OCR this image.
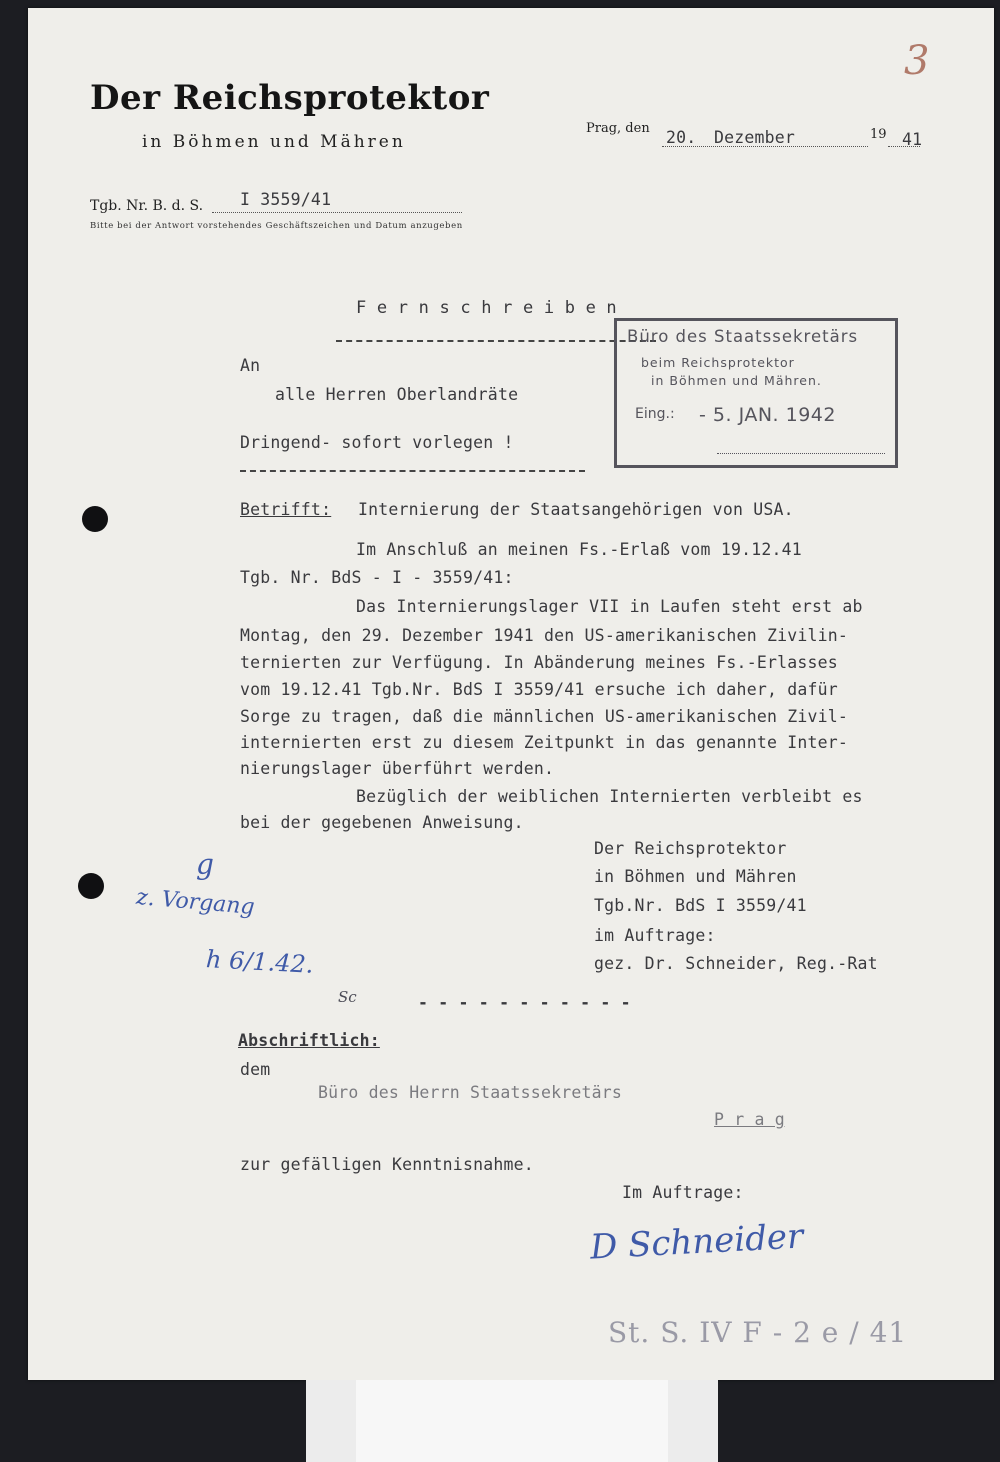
Der Reichsprotektor
in Böhmen und Mähren
Prag, den 20. Dezember	19 41
3
Tgb. Nr. B. d. S. I 3559/41
Bitte bei der Antwort vorstehendes Geschäftszeichen und Datum anzugeben
F e r n s c h r e i b e n
Büro des Staatssekretärs
beim Reichsprotektor
in Böhmen und Mähren.
Eing.: - 5. JAN. 1942
An
alle Herren Oberlandräte
Dringend- sofort vorlegen !
Betrifft: Internierung der Staatsangehörigen von USA.
Im Anschluß an meinen Fs.-Erlaß vom 19.12.41
Tgb. Nr. BdS - I - 3559/41:
Das Internierungslager VII in Laufen steht erst ab
Montag, den 29. Dezember 1941 den US-amerikanischen Zivilin-
ternierten zur Verfügung. In Abänderung meines Fs.-Erlasses
vom 19.12.41 Tgb.Nr. BdS I 3559/41 ersuche ich daher, dafür
Sorge zu tragen, daß die männlichen US-amerikanischen Zivil-
internierten erst zu diesem Zeitpunkt in das genannte Inter-
nierungslager überführt werden.
Bezüglich der weiblichen Internierten verbleibt es
bei der gegebenen Anweisung.
Der Reichsprotektor
in Böhmen und Mähren
Tgb.Nr. BdS I 3559/41
im Auftrage:
gez. Dr. Schneider, Reg.-Rat
g
z. Vorgang
h 6/1.42.
Sc	- - - - - - - - - - -
Abschriftlich:
dem
Büro des Herrn Staatssekretärs
P r a g
zur gefälligen Kenntnisnahme.
Im Auftrage:
D Schneider
St. S. IV F - 2 e / 41
